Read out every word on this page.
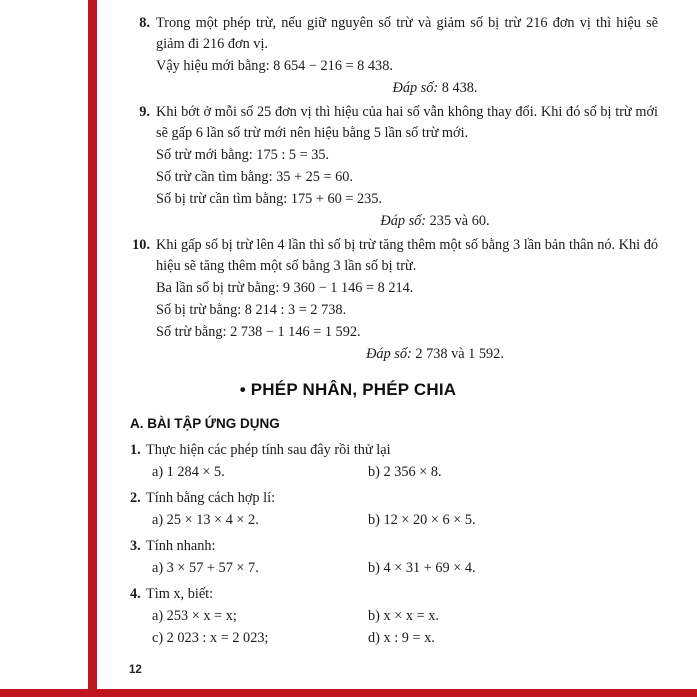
8. Trong một phép trừ, nếu giữ nguyên số trừ và giảm số bị trừ 216 đơn vị thì hiệu sẽ giảm đi 216 đơn vị.

Vậy hiệu mới bằng: 8 654 − 216 = 8 438.

Đáp số: 8 438.

9. Khi bớt ở mỗi số 25 đơn vị thì hiệu của hai số vẫn không thay đổi. Khi đó số bị trừ mới sẽ gấp 6 lần số trừ mới nên hiệu bằng 5 lần số trừ mới.

Số trừ mới bằng: 175 : 5 = 35.

Số trừ cần tìm bằng: 35 + 25 = 60.

Số bị trừ cần tìm bằng: 175 + 60 = 235.

Đáp số: 235 và 60.

10. Khi gấp số bị trừ lên 4 lần thì số bị trừ tăng thêm một số bằng 3 lần bản thân nó. Khi đó hiệu sẽ tăng thêm một số bằng 3 lần số bị trừ.

Ba lần số bị trừ bằng: 9 360 − 1 146 = 8 214.

Số bị trừ bằng: 8 214 : 3 = 2 738.

Số trừ bằng: 2 738 − 1 146 = 1 592.

Đáp số: 2 738 và 1 592.

• PHÉP NHÂN, PHÉP CHIA
A. BÀI TẬP ỨNG DỤNG
1. Thực hiện các phép tính sau đây rồi thử lại
a) 1 284 × 5.	b) 2 356 × 8.
2. Tính bằng cách hợp lí:
a) 25 × 13 × 4 × 2.	b) 12 × 20 × 6 × 5.
3. Tính nhanh:
a) 3 × 57 + 57 × 7.	b) 4 × 31 + 69 × 4.
4. Tìm x, biết:
a) 253 × x = x;	b) x × x = x.
c) 2 023 : x = 2 023;	d) x : 9 = x.
12
